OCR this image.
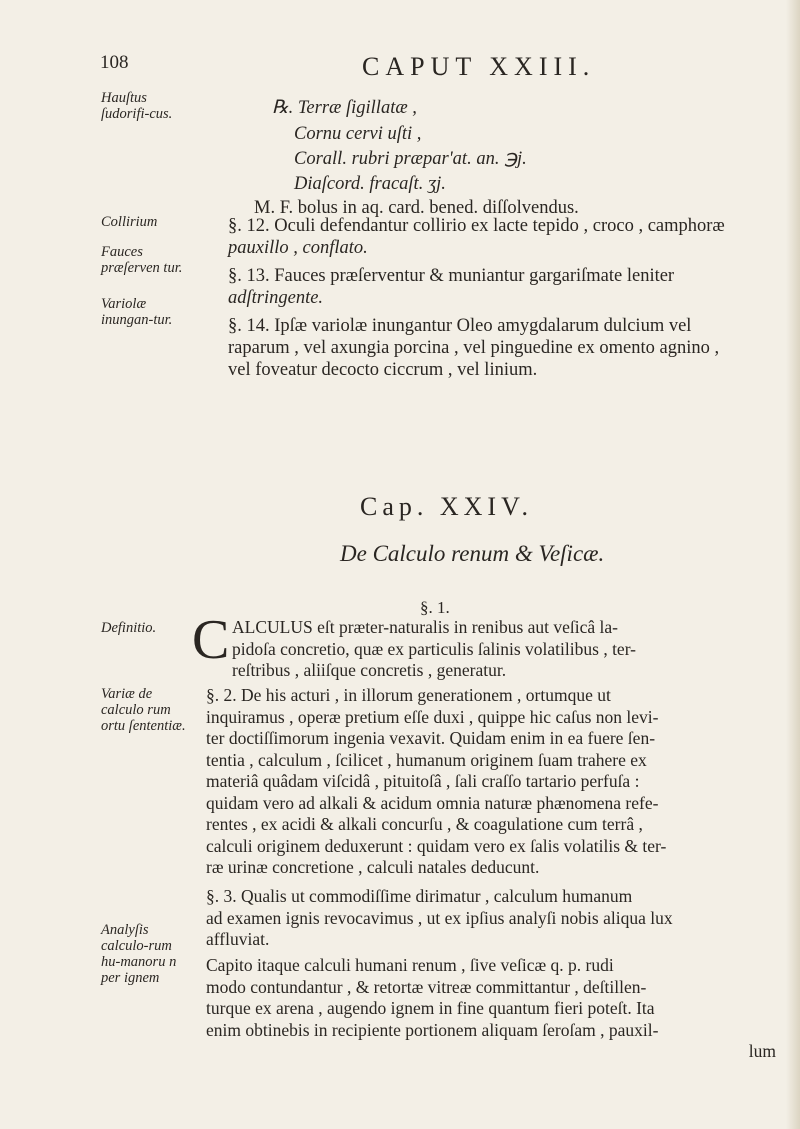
108	CAPUT XXIII.
Hauſtus ſudorifi-cus.
Collirium
Fauces præſerven tur.
Variolæ inungan-tur.
Definitio.
Variæ de calculo rum ortu ſententiæ.
Analyſis calculo-rum hu-manoru n per ignem
℞. Terræ ſigillatæ ,
Cornu cervi uſti ,
Corall. rubri præpar'at. an. ℈j.
Diaſcord. fracaſt. ʒj.
M. F. bolus in aq. card. bened. diſſolvendus.
§. 12. Oculi defendantur collirio ex lacte tepido , croco , camphoræ
pauxillo , conflato.
§. 13. Fauces præſerventur & muniantur gargariſmate leniter
adſtringente.
§. 14. Ipſæ variolæ inungantur Oleo amygdalarum dulcium vel
raparum , vel axungia porcina , vel pinguedine ex omento agnino ,
vel foveatur decocto ciccrum , vel linium.
Cap. XXIV.
De Calculo renum & Veſicæ.
§. 1.
C ALCULUS eſt præter-naturalis in renibus aut veſicâ la-

pidoſa concretio, quæ ex particulis ſalinis volatilibus , ter-

reſtribus , aliiſque concretis , generatur.

§. 2. De his acturi , in illorum generationem , ortumque ut

inquiramus , operæ pretium eſſe duxi , quippe hic caſus non levi-

ter doctiſſimorum ingenia vexavit. Quidam enim in ea fuere ſen-

tentia , calculum , ſcilicet , humanum originem ſuam trahere ex

materiâ quâdam viſcidâ , pituitoſâ , ſali craſſo tartario perfuſa :

quidam vero ad alkali & acidum omnia naturæ phænomena refe-

rentes , ex acidi & alkali concurſu , & coagulatione cum terrâ ,

calculi originem deduxerunt : quidam vero ex ſalis volatilis & ter-

ræ urinæ concretione , calculi natales deducunt.

§. 3. Qualis ut commodiſſime dirimatur , calculum humanum

ad examen ignis revocavimus , ut ex ipſius analyſi nobis aliqua lux

affluviat.

Capito itaque calculi humani renum , ſive veſicæ q. p. rudi

modo contundantur , & retortæ vitreæ committantur , deſtillen-

turque ex arena , augendo ignem in fine quantum fieri poteſt. Ita

enim obtinebis in recipiente portionem aliquam ſeroſam , pauxil-

lum
